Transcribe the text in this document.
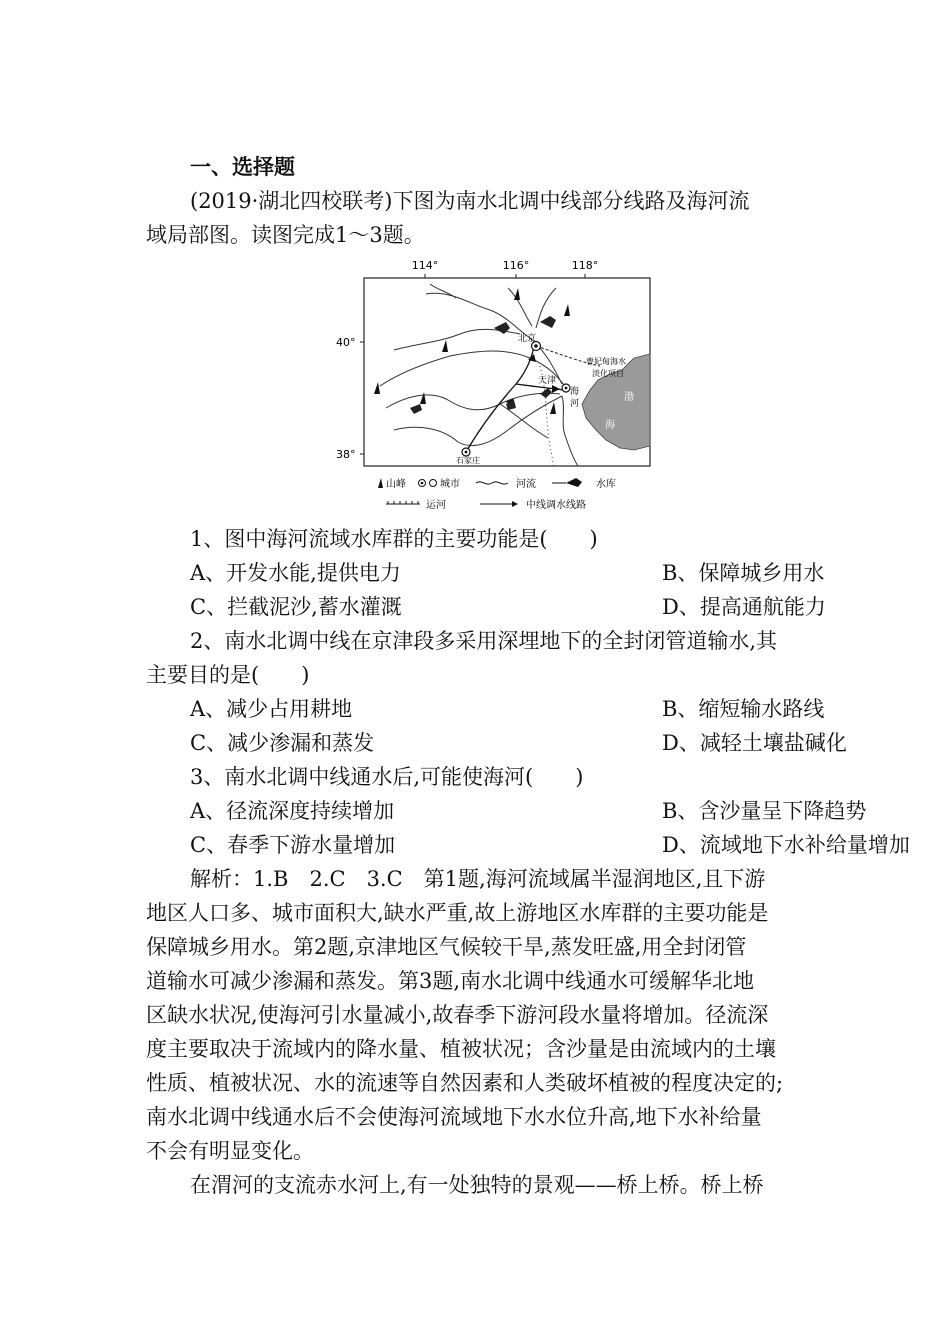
一、选择题
(2019·湖北四校联考)下图为南水北调中线部分线路及海河流
域局部图。读图完成1～3题。
114°	116°	118°
40°
38°
渤
海
曹妃甸海水
淡化项目
北京
天津
石家庄
海
河
山峰	城市	河流	水库
运河	中线调水线路
1、图中海河流域水库群的主要功能是(　　)
A、开发水能,提供电力	B、保障城乡用水
C、拦截泥沙,蓄水灌溉	D、提高通航能力
2、南水北调中线在京津段多采用深埋地下的全封闭管道输水,其
主要目的是(　　)
A、减少占用耕地	B、缩短输水路线
C、减少渗漏和蒸发	D、减轻土壤盐碱化
3、南水北调中线通水后,可能使海河(　　)
A、径流深度持续增加	B、含沙量呈下降趋势
C、春季下游水量增加	D、流域地下水补给量增加
解析：1.B　2.C　3.C　第1题,海河流域属半湿润地区,且下游
地区人口多、城市面积大,缺水严重,故上游地区水库群的主要功能是
保障城乡用水。第2题,京津地区气候较干旱,蒸发旺盛,用全封闭管
道输水可减少渗漏和蒸发。第3题,南水北调中线通水可缓解华北地
区缺水状况,使海河引水量减小,故春季下游河段水量将增加。径流深
度主要取决于流域内的降水量、植被状况；含沙量是由流域内的土壤
性质、植被状况、水的流速等自然因素和人类破坏植被的程度决定的;
南水北调中线通水后不会使海河流域地下水水位升高,地下水补给量
不会有明显变化。
在渭河的支流赤水河上,有一处独特的景观——桥上桥。桥上桥
